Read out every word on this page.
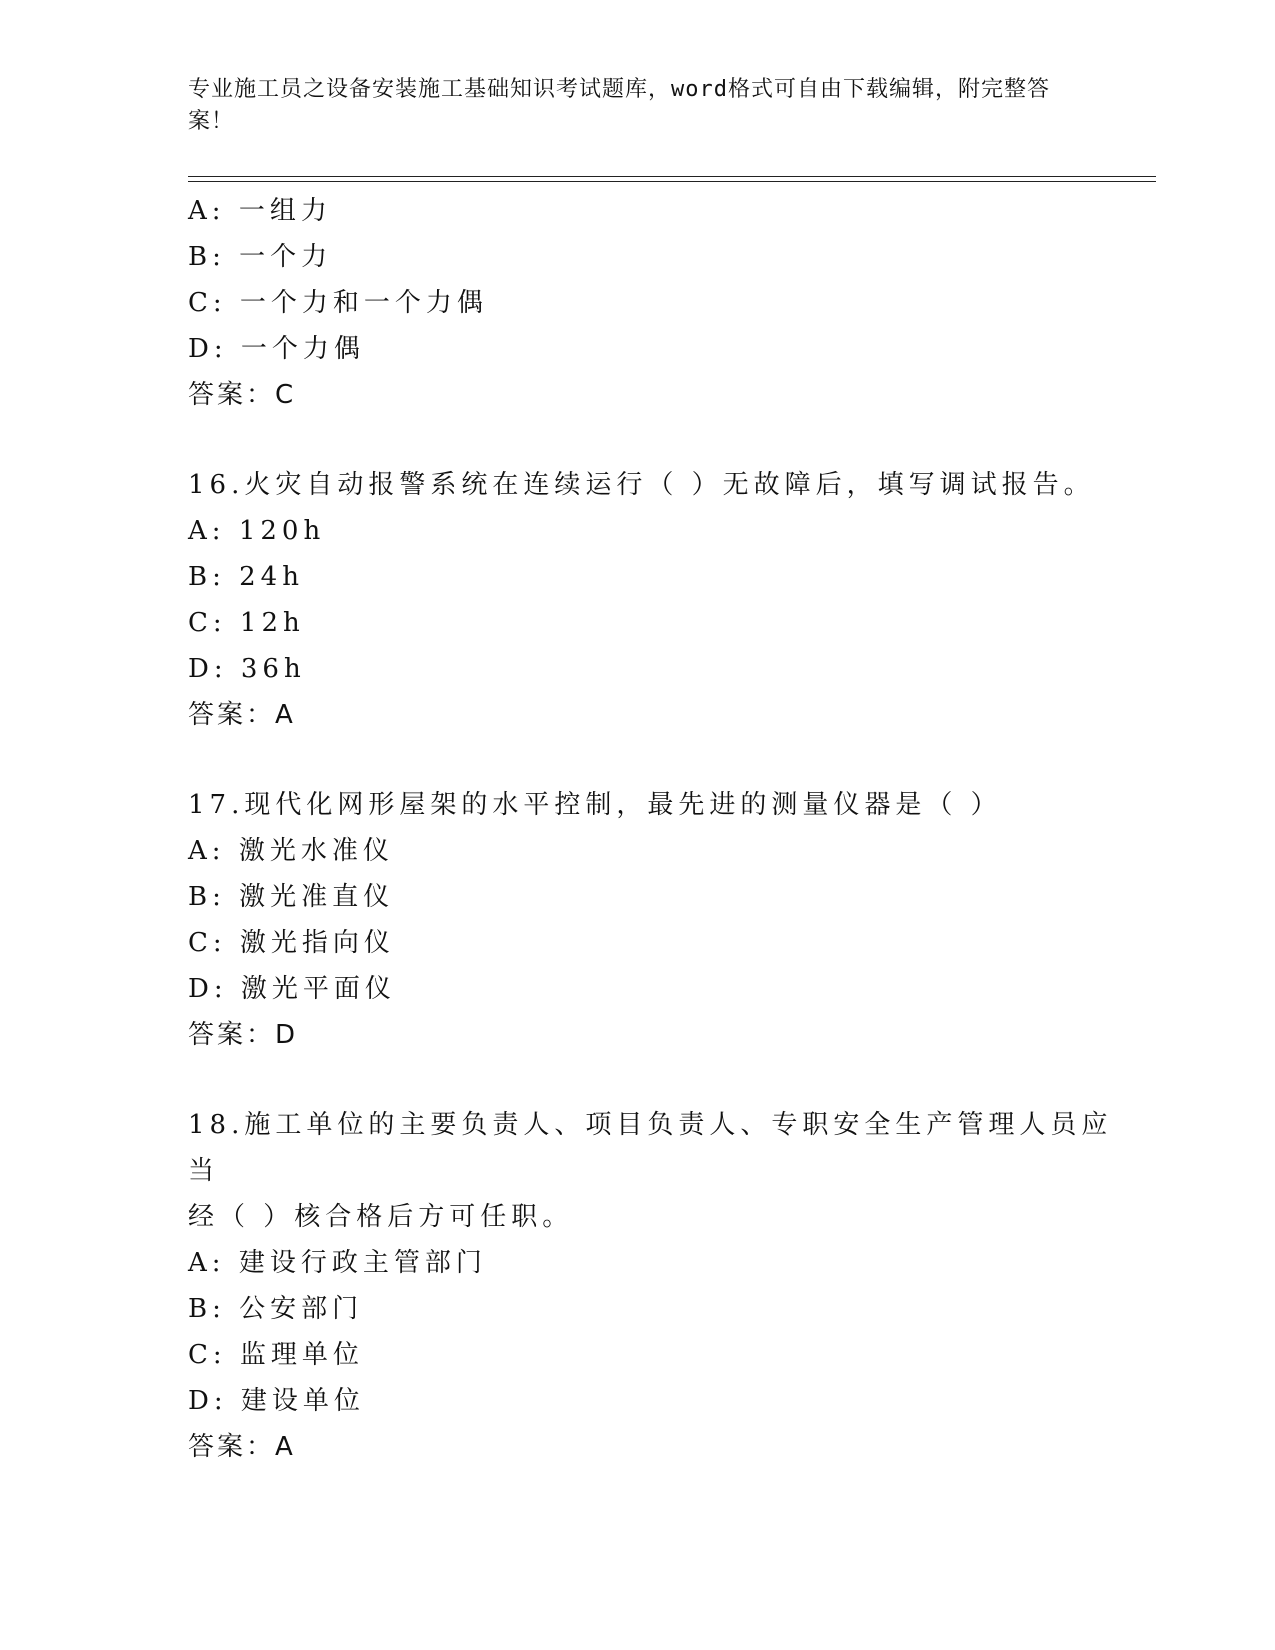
专业施工员之设备安装施工基础知识考试题库，word格式可自由下载编辑，附完整答案！
A: 一组力
B: 一个力
C: 一个力和一个力偶
D: 一个力偶
答案：C
16.火灾自动报警系统在连续运行（ ）无故障后，填写调试报告。
A: 120h
B: 24h
C: 12h
D: 36h
答案：A
17.现代化网形屋架的水平控制，最先进的测量仪器是（ ）
A: 激光水准仪
B: 激光准直仪
C: 激光指向仪
D: 激光平面仪
答案：D
18.施工单位的主要负责人、项目负责人、专职安全生产管理人员应当
经（ ）核合格后方可任职。
A: 建设行政主管部门
B: 公安部门
C: 监理单位
D: 建设单位
答案：A
